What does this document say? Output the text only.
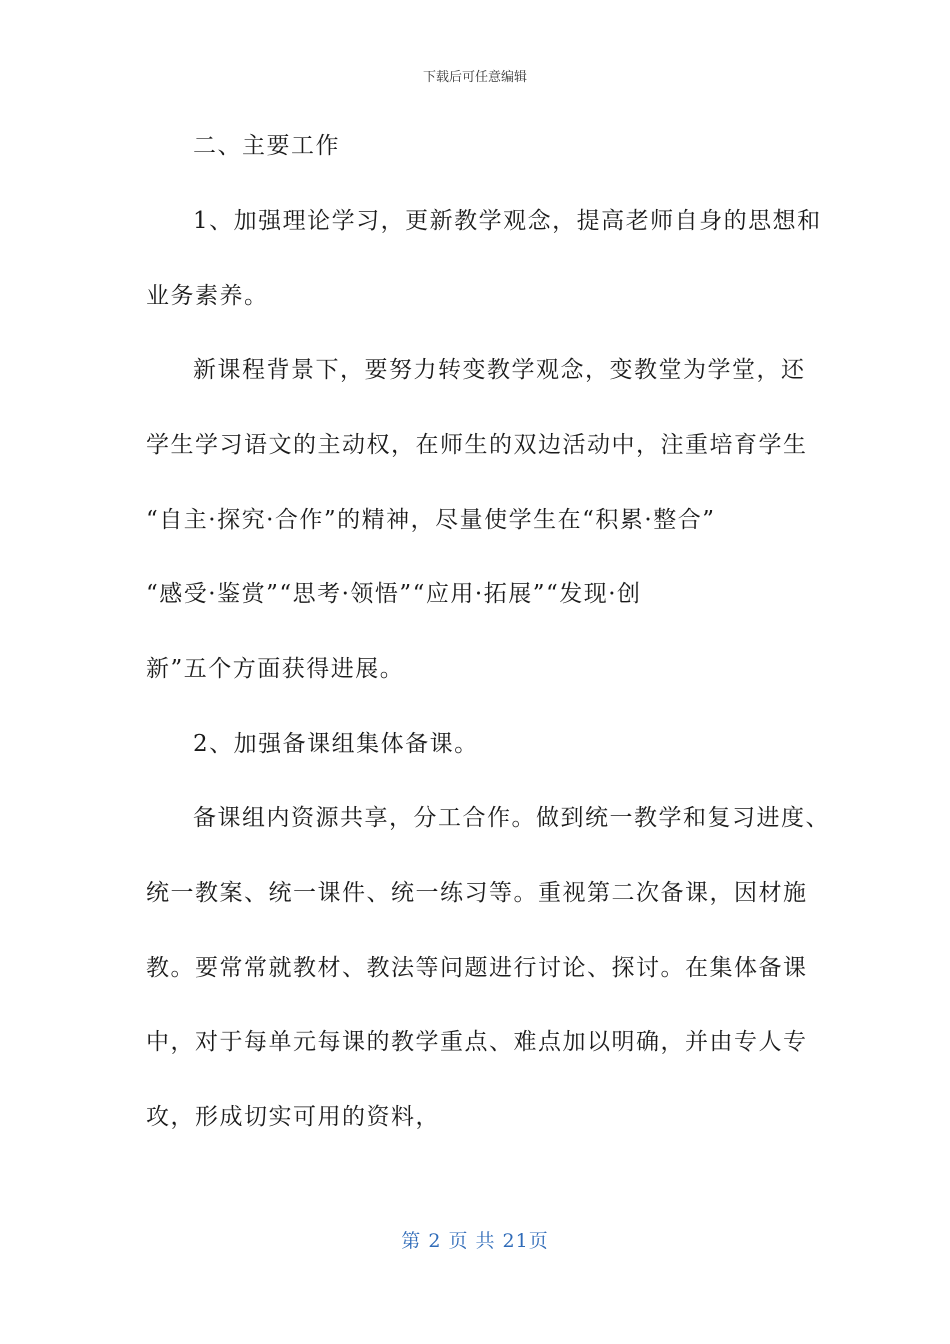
下载后可任意编辑
二、主要工作
1、加强理论学习，更新教学观念，提高老师自身的思想和
业务素养。
新课程背景下，要努力转变教学观念，变教堂为学堂，还
学生学习语文的主动权，在师生的双边活动中，注重培育学生
“自主·探究·合作”的精神，尽量使学生在“积累·整合”
“感受·鉴赏”“思考·领悟”“应用·拓展”“发现·创
新”五个方面获得进展。
2、加强备课组集体备课。
备课组内资源共享，分工合作。做到统一教学和复习进度、
统一教案、统一课件、统一练习等。重视第二次备课，因材施
教。要常常就教材、教法等问题进行讨论、探讨。在集体备课
中，对于每单元每课的教学重点、难点加以明确，并由专人专
攻，形成切实可用的资料，
第 2 页 共 21页
